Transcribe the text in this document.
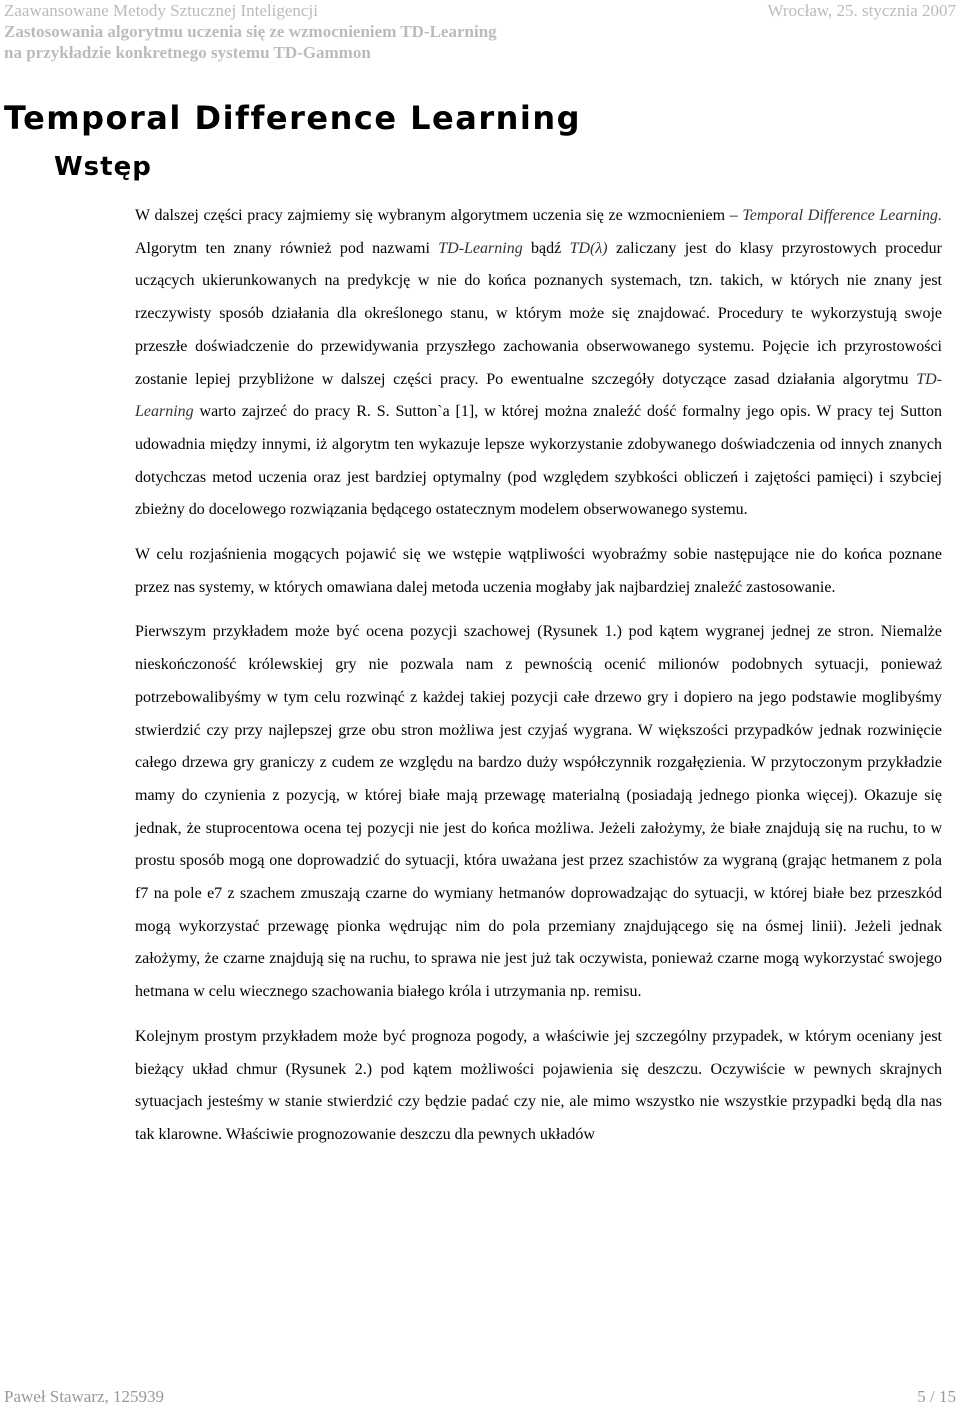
Zaawansowane Metody Sztucznej Inteligencji	Wrocław, 25. stycznia 2007
Zastosowania algorytmu uczenia się ze wzmocnieniem TD-Learning
na przykładzie konkretnego systemu TD-Gammon
Temporal Difference Learning
Wstęp

W dalszej części pracy zajmiemy się wybranym algorytmem uczenia się ze wzmocnieniem – Temporal Difference Learning. Algorytm ten znany również pod nazwami TD-Learning bądź TD(λ) zaliczany jest do klasy przyrostowych procedur uczących ukierunkowanych na predykcję w nie do końca poznanych systemach, tzn. takich, w których nie znany jest rzeczywisty sposób działania dla określonego stanu, w którym może się znajdować. Procedury te wykorzystują swoje przeszłe doświadczenie do przewidywania przyszłego zachowania obserwowanego systemu. Pojęcie ich przyrostowości zostanie lepiej przybliżone w dalszej części pracy. Po ewentualne szczegóły dotyczące zasad działania algorytmu TD-Learning warto zajrzeć do pracy R. S. Sutton`a [1], w której można znaleźć dość formalny jego opis. W pracy tej Sutton udowadnia między innymi, iż algorytm ten wykazuje lepsze wykorzystanie zdobywanego doświadczenia od innych znanych dotychczas metod uczenia oraz jest bardziej optymalny (pod względem szybkości obliczeń i zajętości pamięci) i szybciej zbieżny do docelowego rozwiązania będącego ostatecznym modelem obserwowanego systemu.

W celu rozjaśnienia mogących pojawić się we wstępie wątpliwości wyobraźmy sobie następujące nie do końca poznane przez nas systemy, w których omawiana dalej metoda uczenia mogłaby jak najbardziej znaleźć zastosowanie.

Pierwszym przykładem może być ocena pozycji szachowej (Rysunek 1.) pod kątem wygranej jednej ze stron. Niemalże nieskończoność królewskiej gry nie pozwala nam z pewnością ocenić milionów podobnych sytuacji, ponieważ potrzebowalibyśmy w tym celu rozwinąć z każdej takiej pozycji całe drzewo gry i dopiero na jego podstawie moglibyśmy stwierdzić czy przy najlepszej grze obu stron możliwa jest czyjaś wygrana. W większości przypadków jednak rozwinięcie całego drzewa gry graniczy z cudem ze względu na bardzo duży współczynnik rozgałęzienia. W przytoczonym przykładzie mamy do czynienia z pozycją, w której białe mają przewagę materialną (posiadają jednego pionka więcej). Okazuje się jednak, że stuprocentowa ocena tej pozycji nie jest do końca możliwa. Jeżeli założymy, że białe znajdują się na ruchu, to w prostu sposób mogą one doprowadzić do sytuacji, która uważana jest przez szachistów za wygraną (grając hetmanem z pola f7 na pole e7 z szachem zmuszają czarne do wymiany hetmanów doprowadzając do sytuacji, w której białe bez przeszkód mogą wykorzystać przewagę pionka wędrując nim do pola przemiany znajdującego się na ósmej linii). Jeżeli jednak założymy, że czarne znajdują się na ruchu, to sprawa nie jest już tak oczywista, ponieważ czarne mogą wykorzystać swojego hetmana w celu wiecznego szachowania białego króla i utrzymania np. remisu.

Kolejnym prostym przykładem może być prognoza pogody, a właściwie jej szczególny przypadek, w którym oceniany jest bieżący układ chmur (Rysunek 2.) pod kątem możliwości pojawienia się deszczu. Oczywiście w pewnych skrajnych sytuacjach jesteśmy w stanie stwierdzić czy będzie padać czy nie, ale mimo wszystko nie wszystkie przypadki będą dla nas tak klarowne. Właściwie prognozowanie deszczu dla pewnych układów

Paweł Stawarz, 125939	5 / 15
